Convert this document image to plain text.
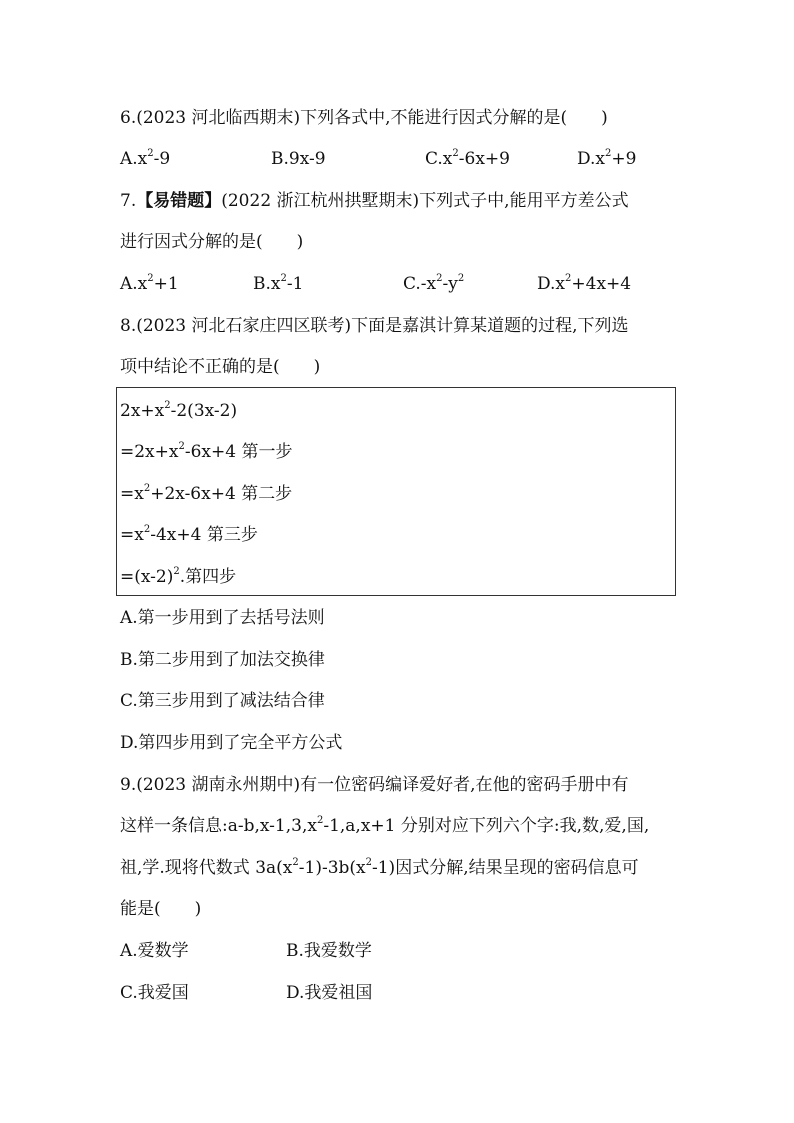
6.(2023 河北临西期末)下列各式中,不能进行因式分解的是(　　)
$A.x^2-9$	B.9x-9	$C.x^2-6x+9$	$D.x^2+9$
7.【易错题】(2022 浙江杭州拱墅期末)下列式子中,能用平方差公式
进行因式分解的是(　　)
$A.x^2+1$	$B.x^2-1$	$C.-x^2-y^2$	$D.x^2+4x+4$
8.(2023 河北石家庄四区联考)下面是嘉淇计算某道题的过程,下列选
项中结论不正确的是(　　)
$2x+x^2-2(3x-2)$
$=2x+x^2-6x+4$ 第一步
$=x^2+2x-6x+4$ 第二步
$=x^2-4x+4$ 第三步
$=(x-2)^2$.第四步
A.第一步用到了去括号法则
B.第二步用到了加法交换律
C.第三步用到了减法结合律
D.第四步用到了完全平方公式
9.(2023 湖南永州期中)有一位密码编译爱好者,在他的密码手册中有
这样一条信息$:a-b,x-1,3,x^2-1,a,x+1$ 分别对应下列六个字:我,数,爱,国,
祖,学.现将代数式 $3a(x^2-1)-3b(x^2-1)$因式分解,结果呈现的密码信息可
能是(　　)
A.爱数学	B.我爱数学
C.我爱国	D.我爱祖国
